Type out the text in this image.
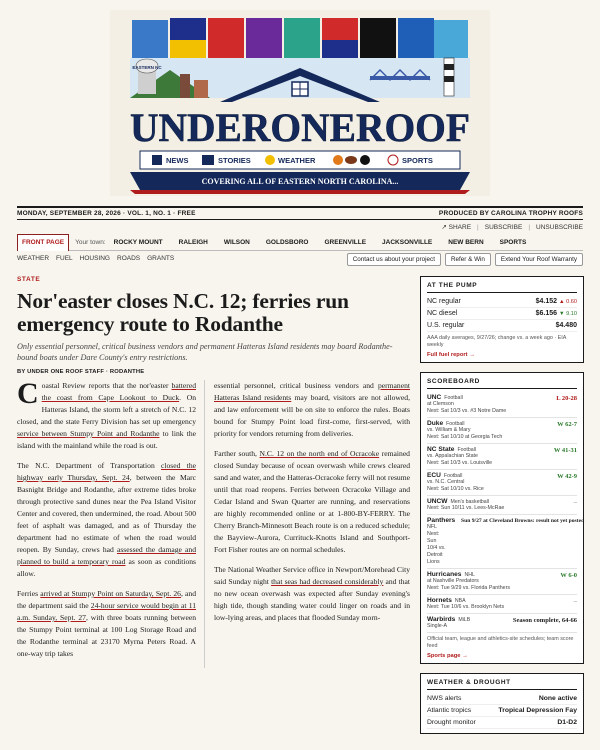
EASTERN NC
UNDERONEROOF
NEWS	STORIES	WEATHER	SPORTS
COVERING ALL OF EASTERN NORTH CAROLINA...
MONDAY, SEPTEMBER 28, 2026 · VOL. 1, NO. 1 · FREE	PRODUCED BY CAROLINA TROPHY ROOFS
↗ SHARE | SUBSCRIBE | UNSUBSCRIBE
FRONT PAGE	Your town: ROCKY MOUNT RALEIGH WILSON GOLDSBORO GREENVILLE JACKSONVILLE NEW BERN SPORTS
WEATHER FUEL HOUSING ROADS GRANTS	Contact us about your project	Refer & Win	Extend Your Roof Warranty
STATE
Nor'easter closes N.C. 12; ferries run emergency route to Rodanthe
Only essential personnel, critical business vendors and permanent Hatteras Island residents may board Rodanthe-bound boats under Dare County's entry restrictions.
BY UNDER ONE ROOF STAFF · RODANTHE

Coastal Review reports that the nor'easter battered the coast from Cape Lookout to Duck. On Hatteras Island, the storm left a stretch of N.C. 12 closed, and the state Ferry Division has set up emergency service between Stumpy Point and Rodanthe to link the island with the mainland while the road is out.

The N.C. Department of Transportation closed the highway early Thursday, Sept. 24, between the Marc Basnight Bridge and Rodanthe, after extreme tides broke through protective sand dunes near the Pea Island Visitor Center and covered, then undermined, the road. About 500 feet of asphalt was damaged, and as of Thursday the department had no estimate of when the road would reopen. By Sunday, crews had assessed the damage and planned to build a temporary road as soon as conditions allow.

Ferries arrived at Stumpy Point on Saturday, Sept. 26, and the department said the 24-hour service would begin at 11 a.m. Sunday, Sept. 27, with three boats running between the Stumpy Point terminal at 100 Log Storage Road and the Rodanthe terminal at 23170 Myrna Peters Road. A one-way trip takes

essential personnel, critical business vendors and permanent Hatteras Island residents may board, visitors are not allowed, and law enforcement will be on site to enforce the rules. Boats bound for Stumpy Point load first-come, first-served, with priority for vendors returning from deliveries.

Farther south, N.C. 12 on the north end of Ocracoke remained closed Sunday because of ocean overwash while crews cleared sand and water, and the Hatteras-Ocracoke ferry will not resume until that road reopens. Ferries between Ocracoke Village and Cedar Island and Swan Quarter are running, and reservations are highly recommended online or at 1-800-BY-FERRY. The Cherry Branch-Minnesott Beach route is on a reduced schedule; the Bayview-Aurora, Currituck-Knotts Island and Southport-Fort Fisher routes are on normal schedules.

The National Weather Service office in Newport/Morehead City said Sunday night that seas had decreased considerably and that no new ocean overwash was expected after Sunday evening's high tide, though standing water could linger on roads and in low-lying areas, and places that flooded Sunday morn-

AT THE PUMP
NC regular	$4.152 ▲ 0.60
NC diesel	$6.156 ▼ 9.10
U.S. regular	$4.480
AAA daily averages, 9/27/26; change vs. a week ago · EIA weekly
Full fuel report →
SCOREBOARD
UNC Football
at Clemson
Next: Sat 10/3 vs. #3 Notre Dame
L 20-28
Duke Football
vs. William & Mary
Next: Sat 10/10 at Georgia Tech
W 62-7
NC State Football
vs. Appalachian State
Next: Sat 10/3 vs. Louisville
W 41-31
ECU Football
vs. N.C. Central
Next: Sat 10/10 vs. Rice
W 42-9
UNCW Men's basketball
Next: Sun 10/11 vs. Lees-McRae
–
Panthers	Sun 9/27 at Cleveland Browns: result not yet posted
NFL
Next:
Sun
10/4 vs.
Detroit
Lions
Hurricanes NHL
at Nashville Predators
Next: Tue 9/29 vs. Florida Panthers
W 6-0
Hornets NBA
Next: Tue 10/6 vs. Brooklyn Nets
–
Warbirds MiLB
Single-A
Season complete, 64-66
Official team, league and athletics-site schedules; team score feed
Sports page →
WEATHER & DROUGHT
NWS alerts	None active
Atlantic tropics	Tropical Depression Fay
Drought monitor	D1-D2
